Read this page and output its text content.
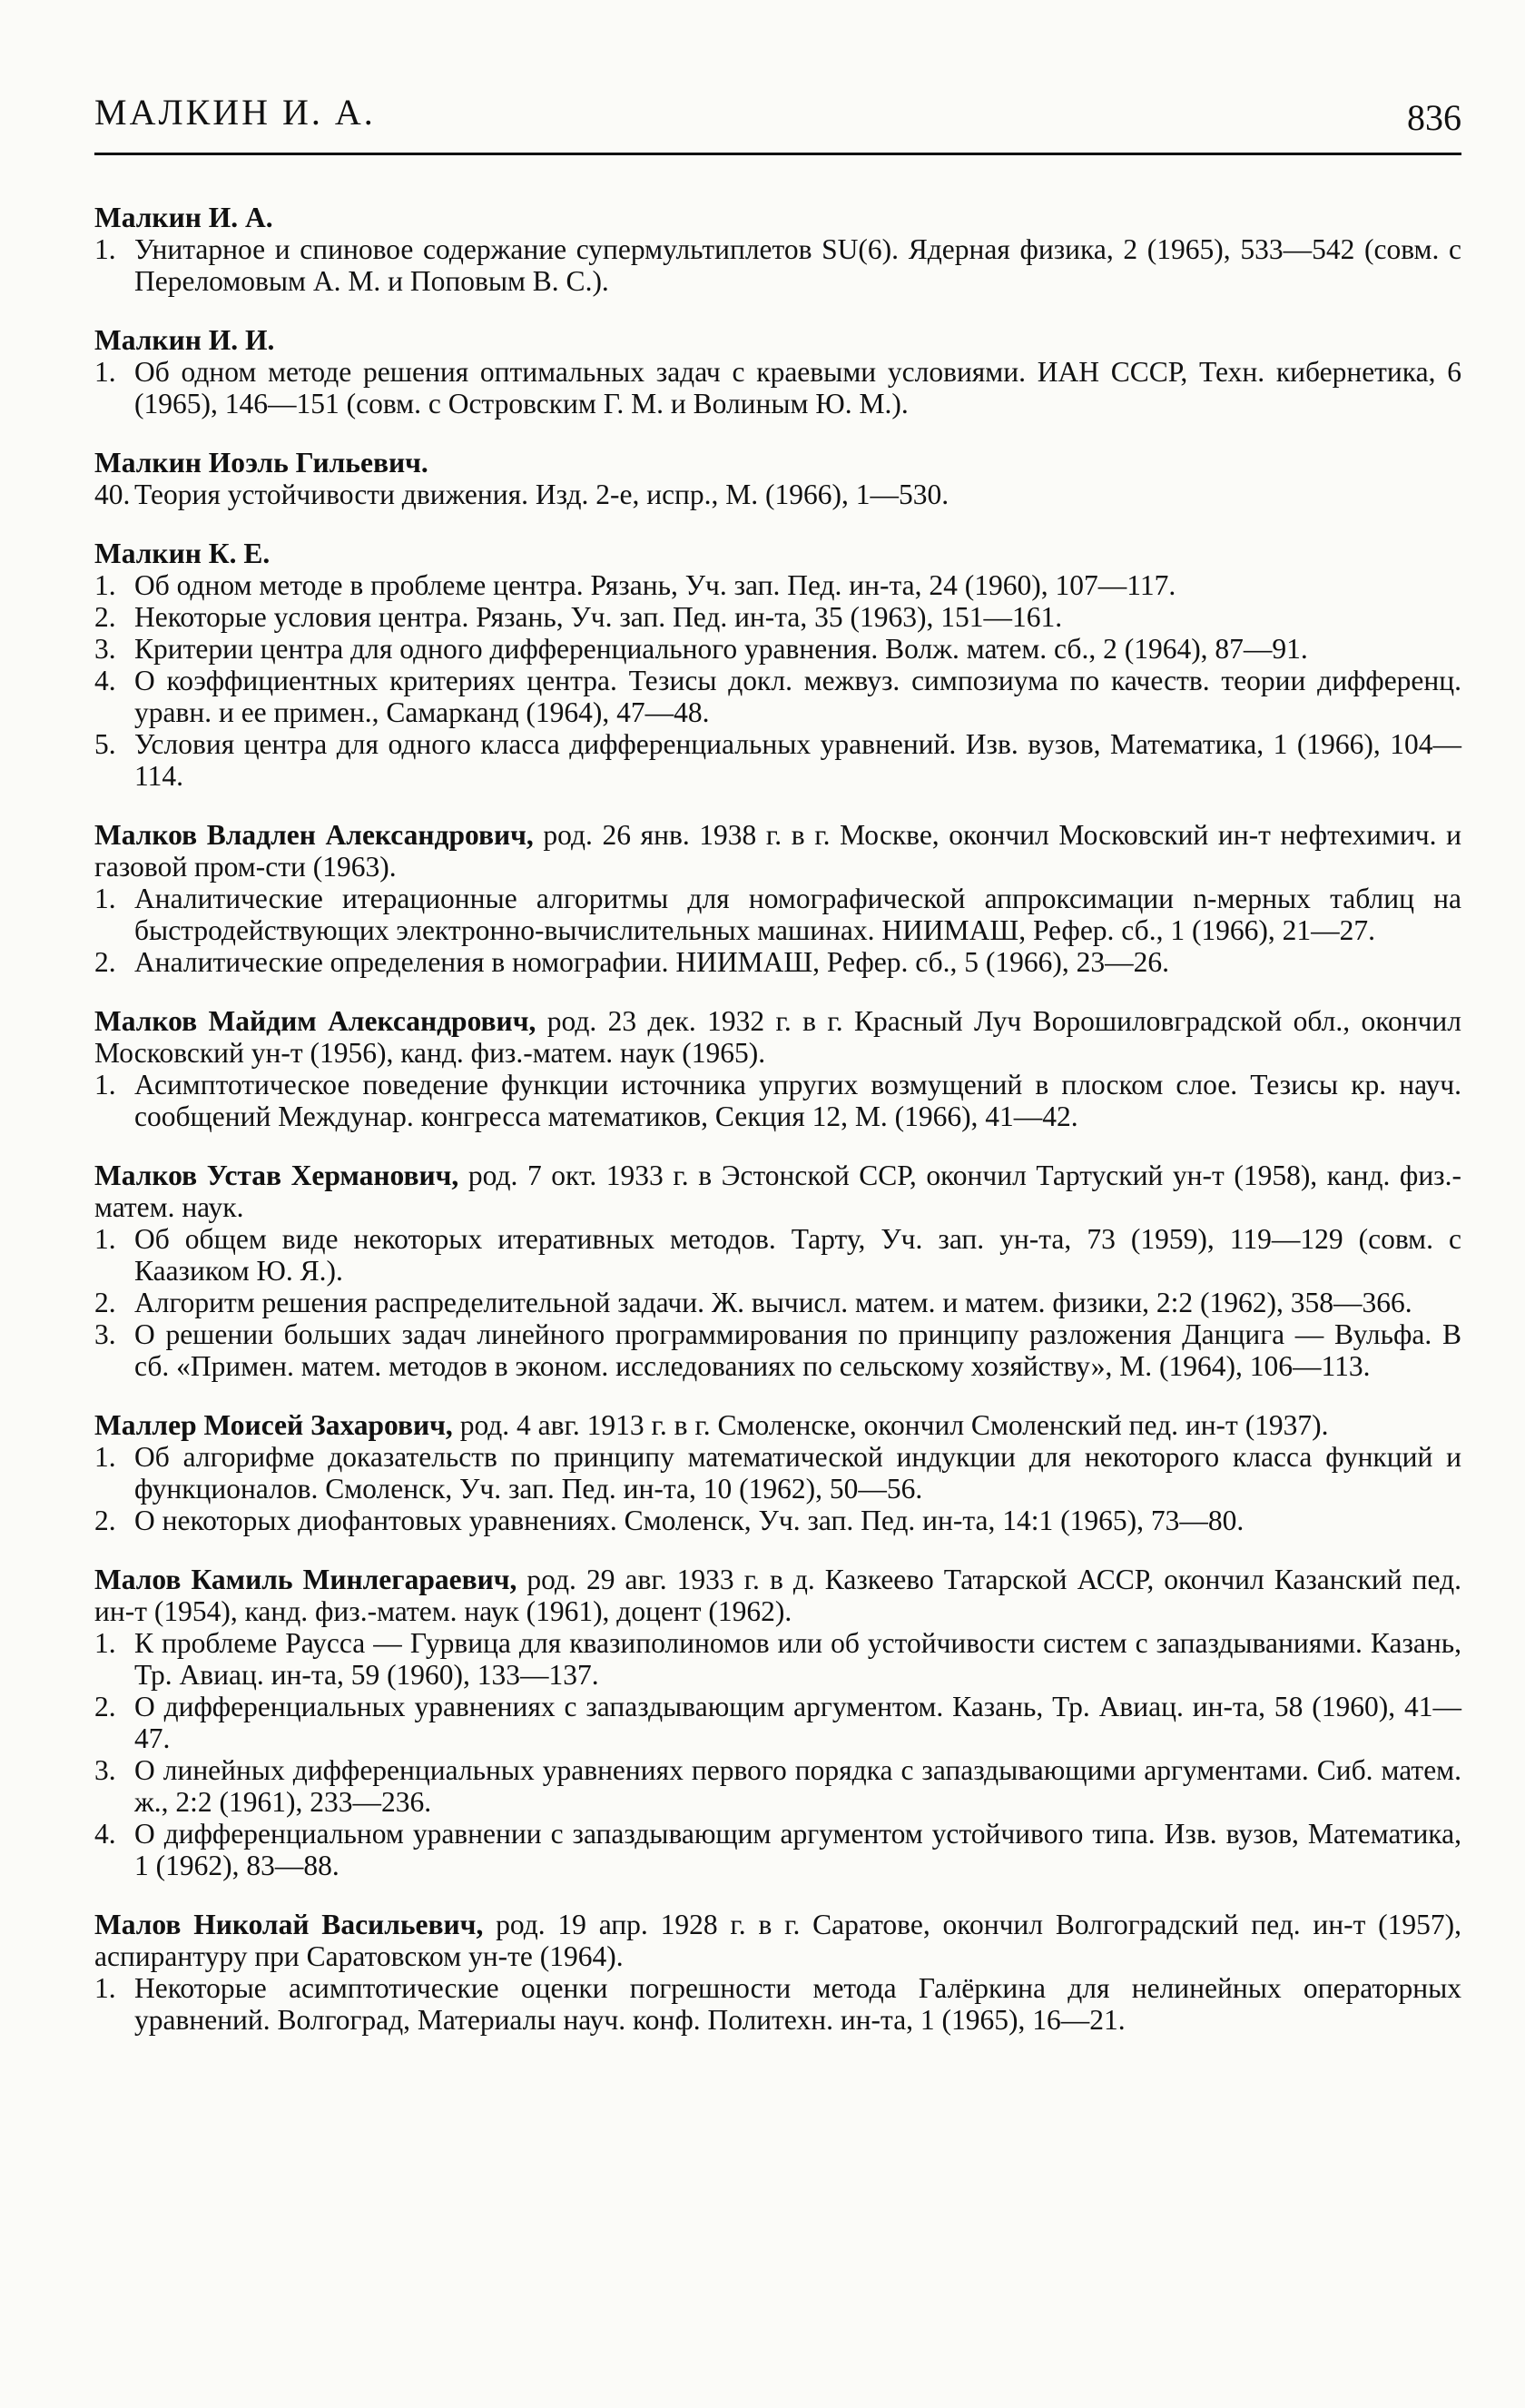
МАЛКИН И. А.	836
Малкин И. А.
1. Унитарное и спиновое содержание супермультиплетов SU(6). Ядерная физика, 2 (1965), 533—542 (совм. с Переломовым А. М. и Поповым В. С.).
Малкин И. И.
1. Об одном методе решения оптимальных задач с краевыми условиями. ИАН СССР, Техн. кибернетика, 6 (1965), 146—151 (совм. с Островским Г. М. и Волиным Ю. М.).
Малкин Иоэль Гильевич.
40. Теория устойчивости движения. Изд. 2-е, испр., М. (1966), 1—530.
Малкин К. Е.
1. Об одном методе в проблеме центра. Рязань, Уч. зап. Пед. ин-та, 24 (1960), 107—117.
2. Некоторые условия центра. Рязань, Уч. зап. Пед. ин-та, 35 (1963), 151—161.
3. Критерии центра для одного дифференциального уравнения. Волж. матем. сб., 2 (1964), 87—91.
4. О коэффициентных критериях центра. Тезисы докл. межвуз. симпозиума по качеств. теории дифференц. уравн. и ее примен., Самарканд (1964), 47—48.
5. Условия центра для одного класса дифференциальных уравнений. Изв. вузов, Математика, 1 (1966), 104—114.
Малков Владлен Александрович, род. 26 янв. 1938 г. в г. Москве, окончил Московский ин-т нефтехимич. и газовой пром-сти (1963).
1. Аналитические итерационные алгоритмы для номографической аппроксимации n-мерных таблиц на быстродействующих электронно-вычислительных машинах. НИИМАШ, Рефер. сб., 1 (1966), 21—27.
2. Аналитические определения в номографии. НИИМАШ, Рефер. сб., 5 (1966), 23—26.
Малков Майдим Александрович, род. 23 дек. 1932 г. в г. Красный Луч Ворошиловградской обл., окончил Московский ун-т (1956), канд. физ.-матем. наук (1965).
1. Асимптотическое поведение функции источника упругих возмущений в плоском слое. Тезисы кр. науч. сообщений Междунар. конгресса математиков, Секция 12, М. (1966), 41—42.
Малков Устав Херманович, род. 7 окт. 1933 г. в Эстонской ССР, окончил Тартуский ун-т (1958), канд. физ.-матем. наук.
1. Об общем виде некоторых итеративных методов. Тарту, Уч. зап. ун-та, 73 (1959), 119—129 (совм. с Каазиком Ю. Я.).
2. Алгоритм решения распределительной задачи. Ж. вычисл. матем. и матем. физики, 2:2 (1962), 358—366.
3. О решении больших задач линейного программирования по принципу разложения Данцига — Вульфа. В сб. «Примен. матем. методов в эконом. исследованиях по сельскому хозяйству», М. (1964), 106—113.
Маллер Моисей Захарович, род. 4 авг. 1913 г. в г. Смоленске, окончил Смоленский пед. ин-т (1937).
1. Об алгорифме доказательств по принципу математической индукции для некоторого класса функций и функционалов. Смоленск, Уч. зап. Пед. ин-та, 10 (1962), 50—56.
2. О некоторых диофантовых уравнениях. Смоленск, Уч. зап. Пед. ин-та, 14:1 (1965), 73—80.
Малов Камиль Минлегараевич, род. 29 авг. 1933 г. в д. Казкеево Татарской АССР, окончил Казанский пед. ин-т (1954), канд. физ.-матем. наук (1961), доцент (1962).
1. К проблеме Раусса — Гурвица для квазиполиномов или об устойчивости систем с запаздываниями. Казань, Тр. Авиац. ин-та, 59 (1960), 133—137.
2. О дифференциальных уравнениях с запаздывающим аргументом. Казань, Тр. Авиац. ин-та, 58 (1960), 41—47.
3. О линейных дифференциальных уравнениях первого порядка с запаздывающими аргументами. Сиб. матем. ж., 2:2 (1961), 233—236.
4. О дифференциальном уравнении с запаздывающим аргументом устойчивого типа. Изв. вузов, Математика, 1 (1962), 83—88.
Малов Николай Васильевич, род. 19 апр. 1928 г. в г. Саратове, окончил Волгоградский пед. ин-т (1957), аспирантуру при Саратовском ун-те (1964).
1. Некоторые асимптотические оценки погрешности метода Галёркина для нелинейных операторных уравнений. Волгоград, Материалы науч. конф. Политехн. ин-та, 1 (1965), 16—21.
